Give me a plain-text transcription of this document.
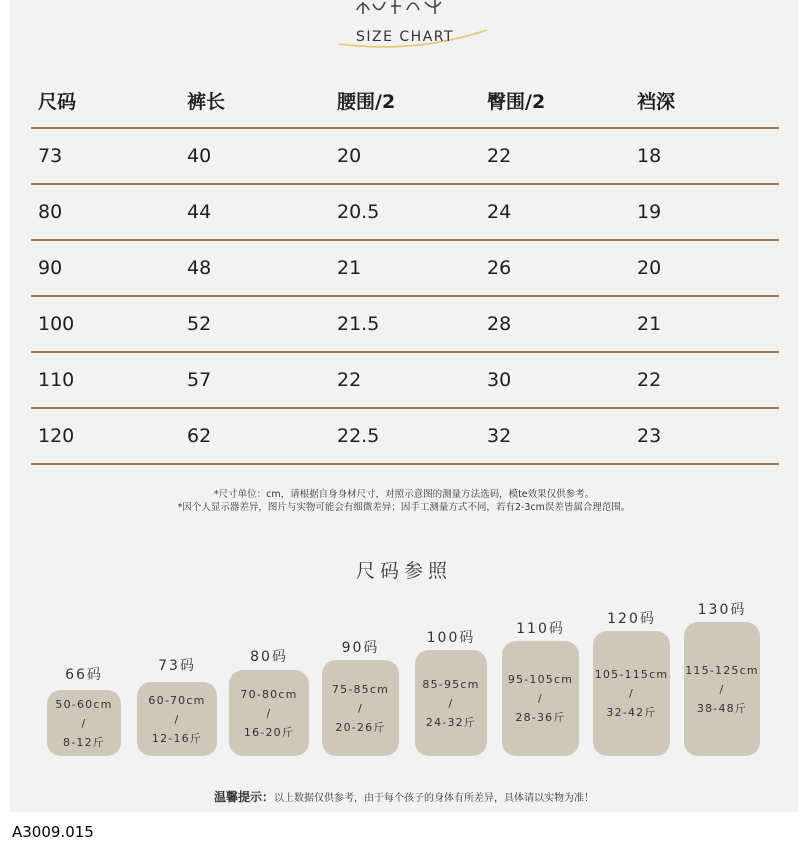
SIZE CHART
尺码	裤长	腰围/2	臀围/2	裆深
73	40	20	22	18
80	44	20.5	24	19
90	48	21	26	20
100	52	21.5	28	21
110	57	22	30	22
120	62	22.5	32	23
*尺寸单位：cm，请根据自身身材尺寸，对照示意图的测量方法选码，模te效果仅供参考。
*因个人显示器差异，图片与实物可能会有细微差异；因手工测量方式不同，若有2-3cm误差皆属合理范围。
尺码参照
66码
50-60cm
/
8-12斤
73码
60-70cm
/
12-16斤
80码
70-80cm
/
16-20斤
90码
75-85cm
/
20-26斤
100码
85-95cm
/
24-32斤
110码
95-105cm
/
28-36斤
120码
105-115cm
/
32-42斤
130码
115-125cm
/
38-48斤
温馨提示：以上数据仅供参考，由于每个孩子的身体有所差异，具体请以实物为准！
A3009.015
